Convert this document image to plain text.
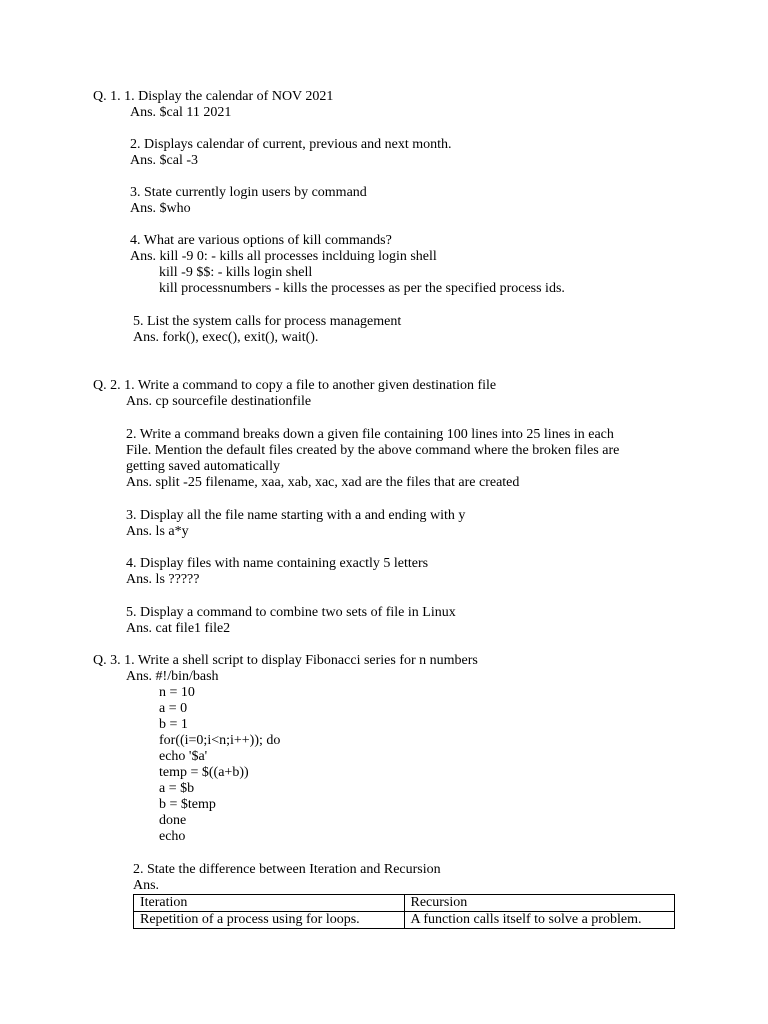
Q. 1. 1. Display the calendar of NOV 2021
Ans. $cal 11 2021
2. Displays calendar of current, previous and next month.
Ans. $cal -3
3. State currently login users by command
Ans. $who
4. What are various options of kill commands?
Ans. kill -9 0: - kills all processes inclduing login shell
kill -9 $$: - kills login shell
kill processnumbers - kills the processes as per the specified process ids.
5. List the system calls for process management
Ans. fork(), exec(), exit(), wait().
Q. 2. 1. Write a command to copy a file to another given destination file
Ans. cp sourcefile destinationfile
2. Write a command breaks down a given file containing 100 lines into 25 lines in each
File. Mention the default files created by the above command where the broken files are
getting saved automatically
Ans. split -25 filename, xaa, xab, xac, xad are the files that are created
3. Display all the file name starting with a and ending with y
Ans. ls a*y
4. Display files with name containing exactly 5 letters
Ans. ls ?????
5. Display a command to combine two sets of file in Linux
Ans. cat file1 file2
Q. 3. 1. Write a shell script to display Fibonacci series for n numbers
Ans. #!/bin/bash
n = 10
a = 0
b = 1
for((i=0;i<n;i++)); do
echo '$a'
temp = $((a+b))
a = $b
b = $temp
done
echo
2. State the difference between Iteration and Recursion
Ans.
Iteration	Recursion
Repetition of a process using for loops.	A function calls itself to solve a problem.
